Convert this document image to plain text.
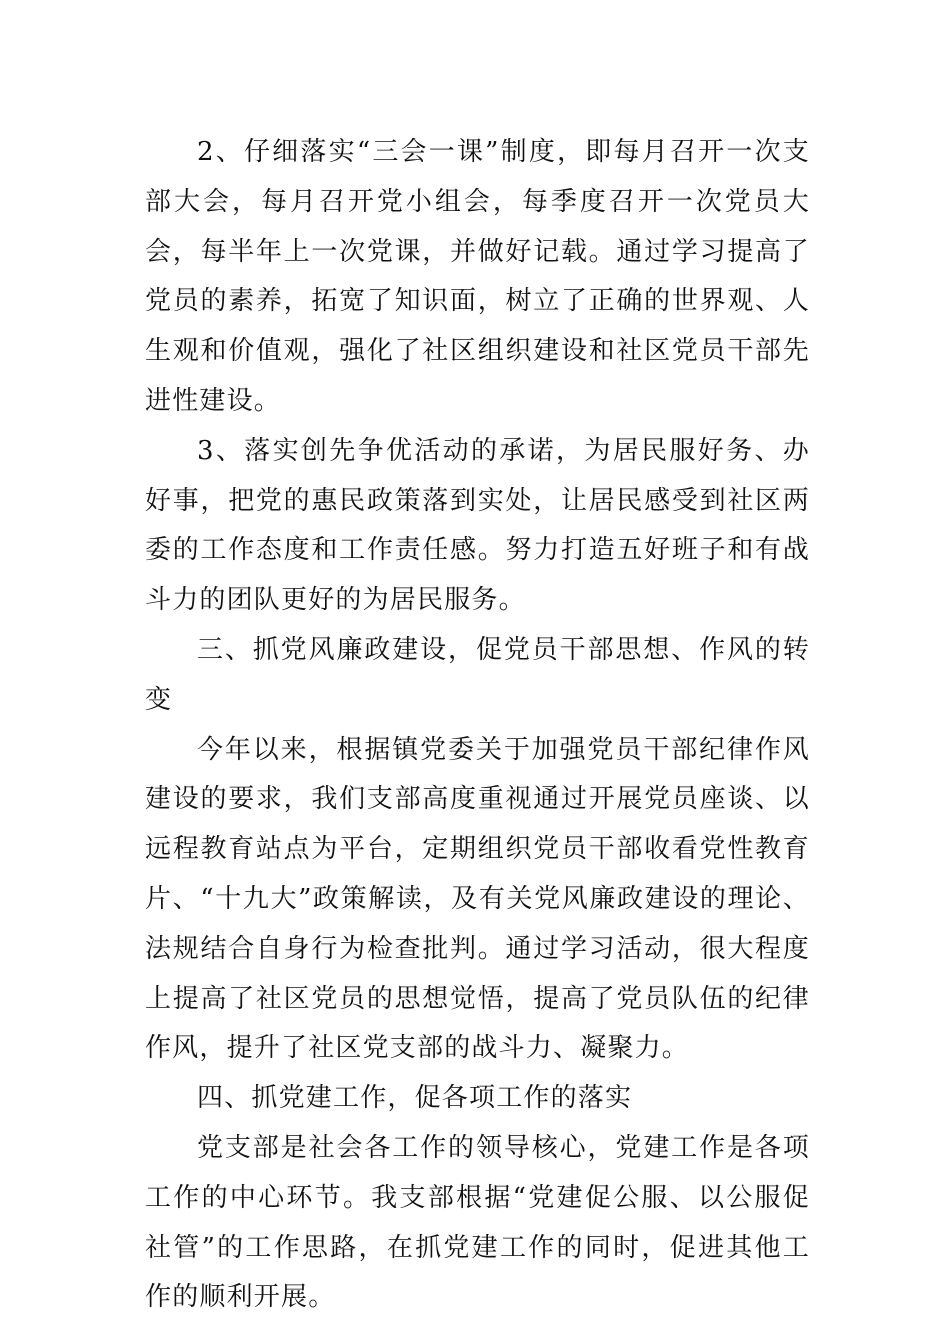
2、仔细落实“三会一课”制度，即每月召开一次支部大会，每月召开党小组会，每季度召开一次党员大会，每半年上一次党课，并做好记载。通过学习提高了党员的素养，拓宽了知识面，树立了正确的世界观、人生观和价值观，强化了社区组织建设和社区党员干部先进性建设。

3、落实创先争优活动的承诺，为居民服好务、办好事，把党的惠民政策落到实处，让居民感受到社区两委的工作态度和工作责任感。努力打造五好班子和有战斗力的团队更好的为居民服务。

三、抓党风廉政建设，促党员干部思想、作风的转变

今年以来，根据镇党委关于加强党员干部纪律作风建设的要求，我们支部高度重视通过开展党员座谈、以远程教育站点为平台，定期组织党员干部收看党性教育片、“十九大”政策解读，及有关党风廉政建设的理论、法规结合自身行为检查批判。通过学习活动，很大程度上提高了社区党员的思想觉悟，提高了党员队伍的纪律作风，提升了社区党支部的战斗力、凝聚力。

四、抓党建工作，促各项工作的落实

党支部是社会各工作的领导核心，党建工作是各项工作的中心环节。我支部根据“党建促公服、以公服促社管”的工作思路，在抓党建工作的同时，促进其他工作的顺利开展。
